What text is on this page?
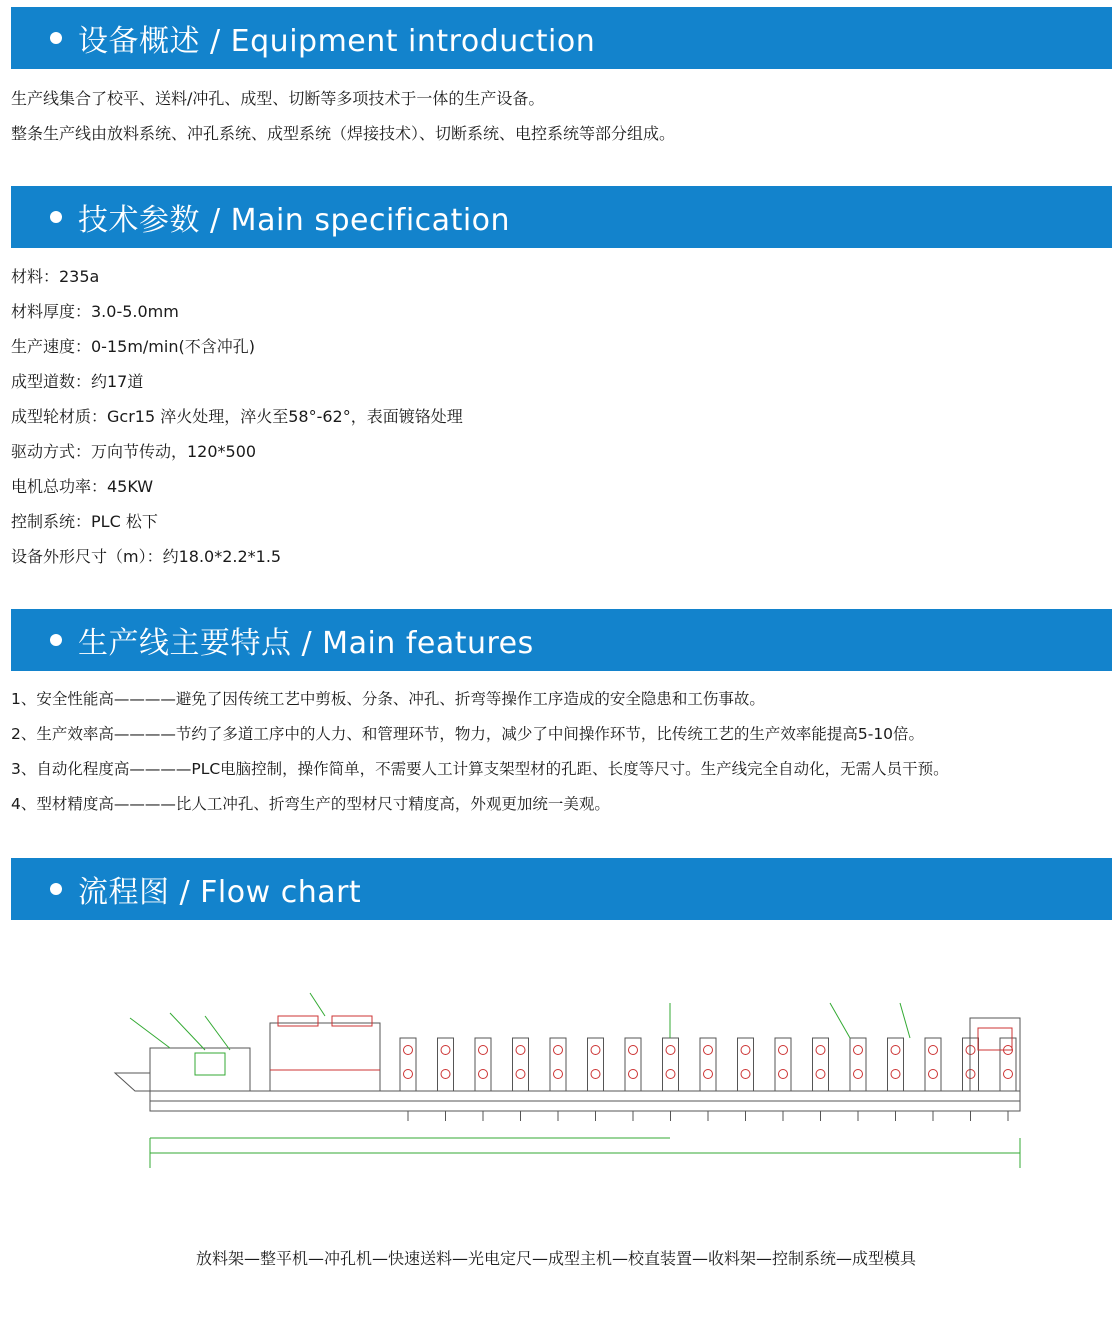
设备概述 / Equipment introduction

生产线集合了校平、送料/冲孔、成型、切断等多项技术于一体的生产设备。

整条生产线由放料系统、冲孔系统、成型系统（焊接技术）、切断系统、电控系统等部分组成。

技术参数 / Main specification

材料：235a

材料厚度：3.0-5.0mm

生产速度：0-15m/min(不含冲孔)

成型道数：约17道

成型轮材质：Gcr15 淬火处理，淬火至58°-62°，表面镀铬处理

驱动方式：万向节传动，120*500

电机总功率：45KW

控制系统：PLC 松下

设备外形尺寸（m）：约18.0*2.2*1.5

生产线主要特点 / Main features

1、安全性能高————避免了因传统工艺中剪板、分条、冲孔、折弯等操作工序造成的安全隐患和工伤事故。

2、生产效率高————节约了多道工序中的人力、和管理环节，物力，减少了中间操作环节，比传统工艺的生产效率能提高5-10倍。

3、自动化程度高————PLC电脑控制，操作简单，不需要人工计算支架型材的孔距、长度等尺寸。生产线完全自动化，无需人员干预。

4、型材精度高————比人工冲孔、折弯生产的型材尺寸精度高，外观更加统一美观。

流程图 / Flow chart
放料架—整平机—冲孔机—快速送料—光电定尺—成型主机—校直装置—收料架—控制系统—成型模具
